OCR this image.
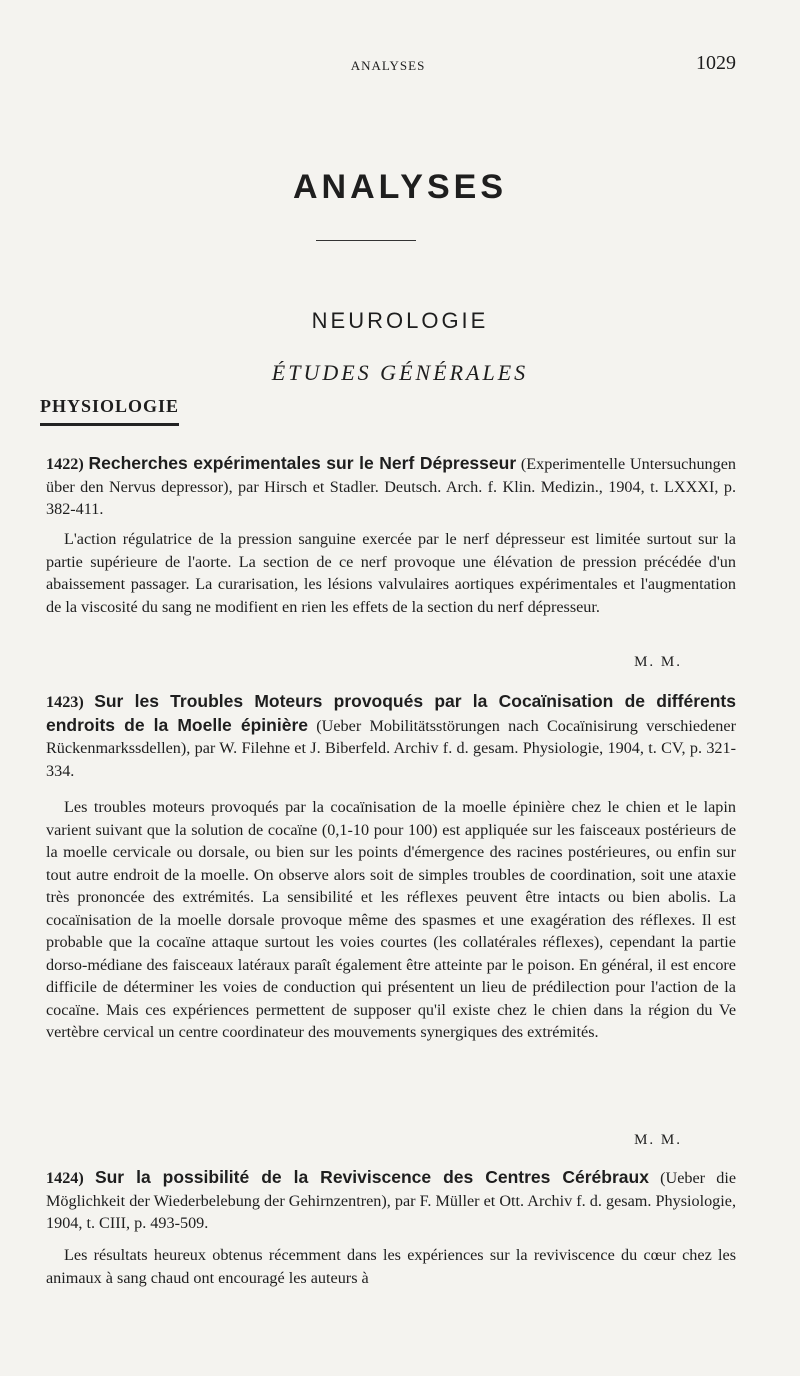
ANALYSES	1029
ANALYSES
NEUROLOGIE
ÉTUDES GÉNÉRALES
PHYSIOLOGIE
1422) Recherches expérimentales sur le Nerf Dépresseur (Experimentelle Untersuchungen über den Nervus depressor), par Hirsch et Stadler. Deutsch. Arch. f. Klin. Medizin., 1904, t. LXXXI, p. 382-411.
L'action régulatrice de la pression sanguine exercée par le nerf dépresseur est limitée surtout sur la partie supérieure de l'aorte. La section de ce nerf provoque une élévation de pression précédée d'un abaissement passager. La curarisation, les lésions valvulaires aortiques expérimentales et l'augmentation de la viscosité du sang ne modifient en rien les effets de la section du nerf dépresseur.
M. M.
1423) Sur les Troubles Moteurs provoqués par la Cocaïnisation de différents endroits de la Moelle épinière (Ueber Mobilitätsstörungen nach Cocaïnisirung verschiedener Rückenmarkssdellen), par W. Filehne et J. Biberfeld. Archiv f. d. gesam. Physiologie, 1904, t. CV, p. 321-334.
Les troubles moteurs provoqués par la cocaïnisation de la moelle épinière chez le chien et le lapin varient suivant que la solution de cocaïne (0,1-10 pour 100) est appliquée sur les faisceaux postérieurs de la moelle cervicale ou dorsale, ou bien sur les points d'émergence des racines postérieures, ou enfin sur tout autre endroit de la moelle. On observe alors soit de simples troubles de coordination, soit une ataxie très prononcée des extrémités. La sensibilité et les réflexes peuvent être intacts ou bien abolis. La cocaïnisation de la moelle dorsale provoque même des spasmes et une exagération des réflexes. Il est probable que la cocaïne attaque surtout les voies courtes (les collatérales réflexes), cependant la partie dorso-médiane des faisceaux latéraux paraît également être atteinte par le poison. En général, il est encore difficile de déterminer les voies de conduction qui présentent un lieu de prédilection pour l'action de la cocaïne. Mais ces expériences permettent de supposer qu'il existe chez le chien dans la région du Ve vertèbre cervical un centre coordinateur des mouvements synergiques des extrémités.
M. M.
1424) Sur la possibilité de la Reviviscence des Centres Cérébraux (Ueber die Möglichkeit der Wiederbelebung der Gehirnzentren), par F. Müller et Ott. Archiv f. d. gesam. Physiologie, 1904, t. CIII, p. 493-509.
Les résultats heureux obtenus récemment dans les expériences sur la reviviscence du cœur chez les animaux à sang chaud ont encouragé les auteurs à
